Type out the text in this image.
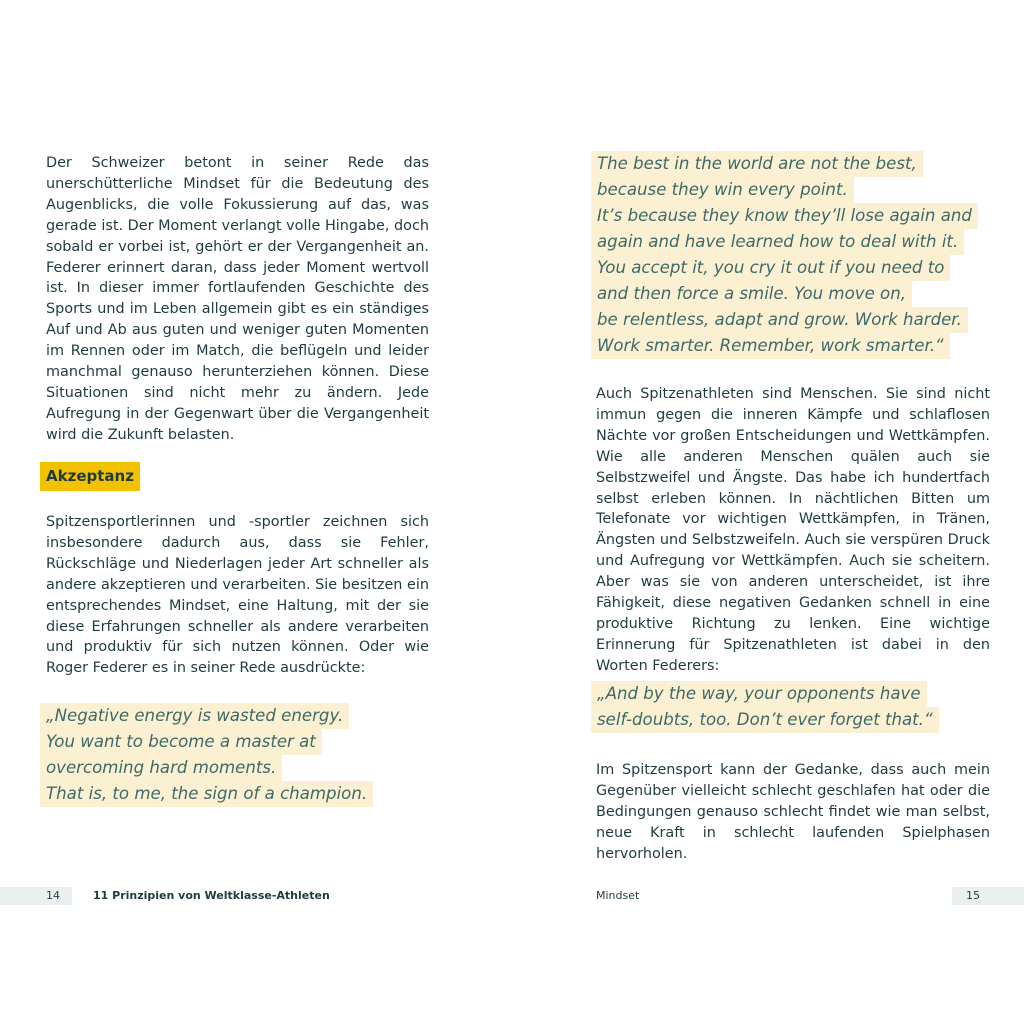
Der Schweizer betont in seiner Rede das unerschütterliche Mindset für die Bedeutung des Augenblicks, die volle Fokussierung auf das, was gerade ist. Der Moment verlangt volle Hingabe, doch sobald er vorbei ist, gehört er der Vergangenheit an. Federer erinnert daran, dass jeder Moment wertvoll ist. In dieser immer fortlaufenden Geschichte des Sports und im Leben allgemein gibt es ein ständiges Auf und Ab aus guten und weniger guten Momenten im Rennen oder im Match, die beflügeln und leider manchmal genauso herunterziehen können. Diese Situationen sind nicht mehr zu ändern. Jede Aufregung in der Gegenwart über die Vergangenheit wird die Zukunft belasten.

Akzeptanz

Spitzensportlerinnen und -sportler zeichnen sich insbesondere dadurch aus, dass sie Fehler, Rückschläge und Niederlagen jeder Art schneller als andere akzeptieren und verarbeiten. Sie besitzen ein entsprechendes Mindset, eine Haltung, mit der sie diese Erfahrungen schneller als andere verarbeiten und produktiv für sich nutzen können. Oder wie Roger Federer es in seiner Rede ausdrückte:

„Negative energy is wasted energy.
You want to become a master at
overcoming hard moments.
That is, to me, the sign of a champion.
14	11 Prinzipien von Weltklasse-Athleten
The best in the world are not the best,
because they win every point.
It’s because they know they’ll lose again and
again and have learned how to deal with it.
You accept it, you cry it out if you need to
and then force a smile. You move on,
be relentless, adapt and grow. Work harder.
Work smarter. Remember, work smarter.“

Auch Spitzenathleten sind Menschen. Sie sind nicht immun gegen die inneren Kämpfe und schlaflosen Nächte vor großen Entscheidungen und Wettkämpfen. Wie alle anderen Menschen quälen auch sie Selbstzweifel und Ängste. Das habe ich hundertfach selbst erleben können. In nächtlichen Bitten um Telefonate vor wichtigen Wettkämpfen, in Tränen, Ängsten und Selbstzweifeln. Auch sie verspüren Druck und Aufregung vor Wettkämpfen. Auch sie scheitern. Aber was sie von anderen unterscheidet, ist ihre Fähigkeit, diese negativen Gedanken schnell in eine produktive Richtung zu lenken. Eine wichtige Erinnerung für Spitzenathleten ist dabei in den Worten Federers:

„And by the way, your opponents have
self-doubts, too. Don’t ever forget that.“

Im Spitzensport kann der Gedanke, dass auch mein Gegenüber vielleicht schlecht geschlafen hat oder die Bedingungen genauso schlecht findet wie man selbst, neue Kraft in schlecht laufenden Spielphasen hervorholen.

Mindset	15
